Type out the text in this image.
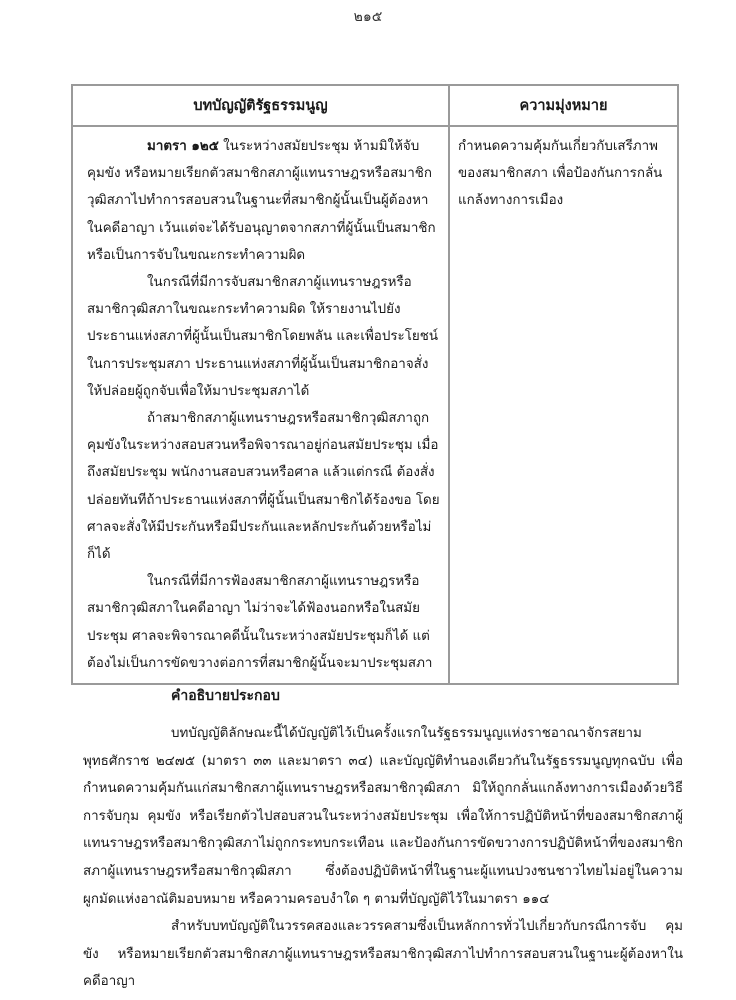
๒๑๕
บทบัญญัติรัฐธรรมนูญ	ความมุ่งหมาย

มาตรา ๑๒๕ ในระหว่างสมัยประชุม ห้ามมิให้จับ คุมขัง หรือหมายเรียกตัวสมาชิกสภาผู้แทนราษฎรหรือสมาชิกวุฒิสภาไปทำการสอบสวนในฐานะที่สมาชิกผู้นั้นเป็นผู้ต้องหาในคดีอาญา เว้นแต่จะได้รับอนุญาตจากสภาที่ผู้นั้นเป็นสมาชิก หรือเป็นการจับในขณะกระทำความผิด

ในกรณีที่มีการจับสมาชิกสภาผู้แทนราษฎรหรือสมาชิกวุฒิสภาในขณะกระทำความผิด ให้รายงานไปยังประธานแห่งสภาที่ผู้นั้นเป็นสมาชิกโดยพลัน และเพื่อประโยชน์ในการประชุมสภา ประธานแห่งสภาที่ผู้นั้นเป็นสมาชิกอาจสั่งให้ปล่อยผู้ถูกจับเพื่อให้มาประชุมสภาได้

ถ้าสมาชิกสภาผู้แทนราษฎรหรือสมาชิกวุฒิสภาถูกคุมขังในระหว่างสอบสวนหรือพิจารณาอยู่ก่อนสมัยประชุม เมื่อถึงสมัยประชุม พนักงานสอบสวนหรือศาล แล้วแต่กรณี ต้องสั่งปล่อยทันทีถ้าประธานแห่งสภาที่ผู้นั้นเป็นสมาชิกได้ร้องขอ โดยศาลจะสั่งให้มีประกันหรือมีประกันและหลักประกันด้วยหรือไม่ก็ได้

ในกรณีที่มีการฟ้องสมาชิกสภาผู้แทนราษฎรหรือสมาชิกวุฒิสภาในคดีอาญา ไม่ว่าจะได้ฟ้องนอกหรือในสมัยประชุม ศาลจะพิจารณาคดีนั้นในระหว่างสมัยประชุมก็ได้ แต่ต้องไม่เป็นการขัดขวางต่อการที่สมาชิกผู้นั้นจะมาประชุมสภา	กำหนดความคุ้มกันเกี่ยวกับเสรีภาพของสมาชิกสภา เพื่อป้องกันการกลั่นแกล้งทางการเมือง

คำอธิบายประกอบ

บทบัญญัติลักษณะนี้ได้บัญญัติไว้เป็นครั้งแรกในรัฐธรรมนูญแห่งราชอาณาจักรสยาม พุทธศักราช ๒๔๗๕ (มาตรา ๓๓ และมาตรา ๓๔) และบัญญัติทำนองเดียวกันในรัฐธรรมนูญทุกฉบับ เพื่อกำหนดความคุ้มกันแก่สมาชิกสภาผู้แทนราษฎรหรือสมาชิกวุฒิสภา มิให้ถูกกลั่นแกล้งทางการเมืองด้วยวิธีการจับกุม คุมขัง หรือเรียกตัวไปสอบสวนในระหว่างสมัยประชุม เพื่อให้การปฏิบัติหน้าที่ของสมาชิกสภาผู้แทนราษฎรหรือสมาชิกวุฒิสภาไม่ถูกกระทบกระเทือน และป้องกันการขัดขวางการปฏิบัติหน้าที่ของสมาชิกสภาผู้แทนราษฎรหรือสมาชิกวุฒิสภา ซึ่งต้องปฏิบัติหน้าที่ในฐานะผู้แทนปวงชนชาวไทยไม่อยู่ในความผูกมัดแห่งอาณัติมอบหมาย หรือความครอบงำใด ๆ ตามที่บัญญัติไว้ในมาตรา ๑๑๔

สำหรับบทบัญญัติในวรรคสองและวรรคสามซึ่งเป็นหลักการทั่วไปเกี่ยวกับกรณีการจับ คุมขัง หรือหมายเรียกตัวสมาชิกสภาผู้แทนราษฎรหรือสมาชิกวุฒิสภาไปทำการสอบสวนในฐานะผู้ต้องหาในคดีอาญา
